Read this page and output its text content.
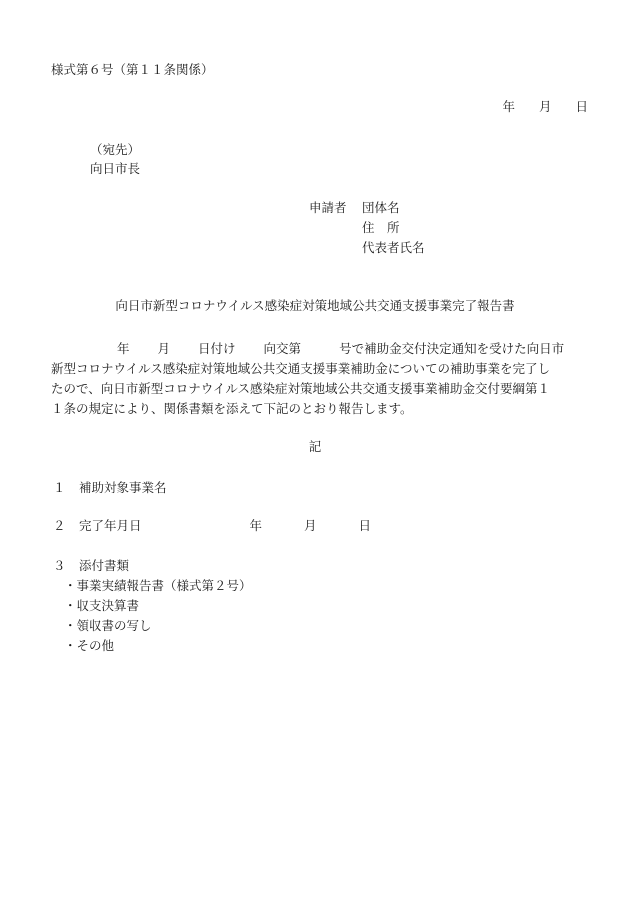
様式第６号（第１１条関係）
年 月 日
（宛先）
向日市長
申請者 団体名
住　所
代表者氏名
向日市新型コロナウイルス感染症対策地域公共交通支援事業完了報告書
年 月 日付け 向交第	号で補助金交付決定通知を受けた向日市
新型コロナウイルス感染症対策地域公共交通支援事業補助金についての補助事業を完了し
たので、向日市新型コロナウイルス感染症対策地域公共交通支援事業補助金交付要綱第１
１条の規定により、関係書類を添えて下記のとおり報告します。
記
１ 補助対象事業名
２ 完了年月日	年	月	日
３ 添付書類
・事業実績報告書（様式第２号）
・収支決算書
・領収書の写し
・その他
